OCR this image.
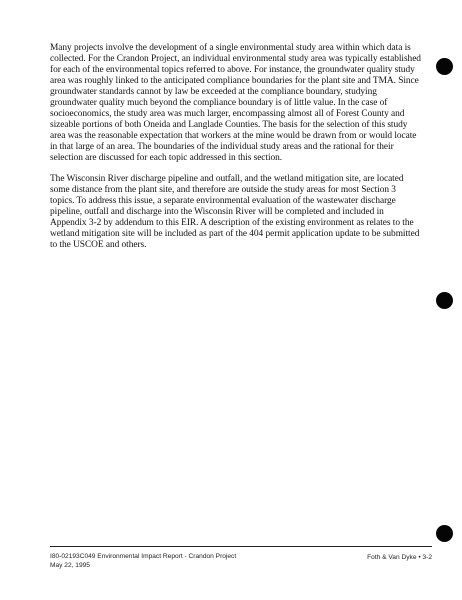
Many projects involve the development of a single environmental study area within which data is collected. For the Crandon Project, an individual environmental study area was typically established for each of the environmental topics referred to above. For instance, the groundwater quality study area was roughly linked to the anticipated compliance boundaries for the plant site and TMA. Since groundwater standards cannot by law be exceeded at the compliance boundary, studying groundwater quality much beyond the compliance boundary is of little value. In the case of socioeconomics, the study area was much larger, encompassing almost all of Forest County and sizeable portions of both Oneida and Langlade Counties. The basis for the selection of this study area was the reasonable expectation that workers at the mine would be drawn from or would locate in that large of an area. The boundaries of the individual study areas and the rational for their selection are discussed for each topic addressed in this section.

The Wisconsin River discharge pipeline and outfall, and the wetland mitigation site, are located some distance from the plant site, and therefore are outside the study areas for most Section 3 topics. To address this issue, a separate environmental evaluation of the wastewater discharge pipeline, outfall and discharge into the Wisconsin River will be completed and included in Appendix 3-2 by addendum to this EIR. A description of the existing environment as relates to the wetland mitigation site will be included as part of the 404 permit application update to be submitted to the USCOE and others.

I80-02193C049 Environmental Impact Report - Crandon Project
May 22, 1995
Foth & Van Dyke • 3-2
